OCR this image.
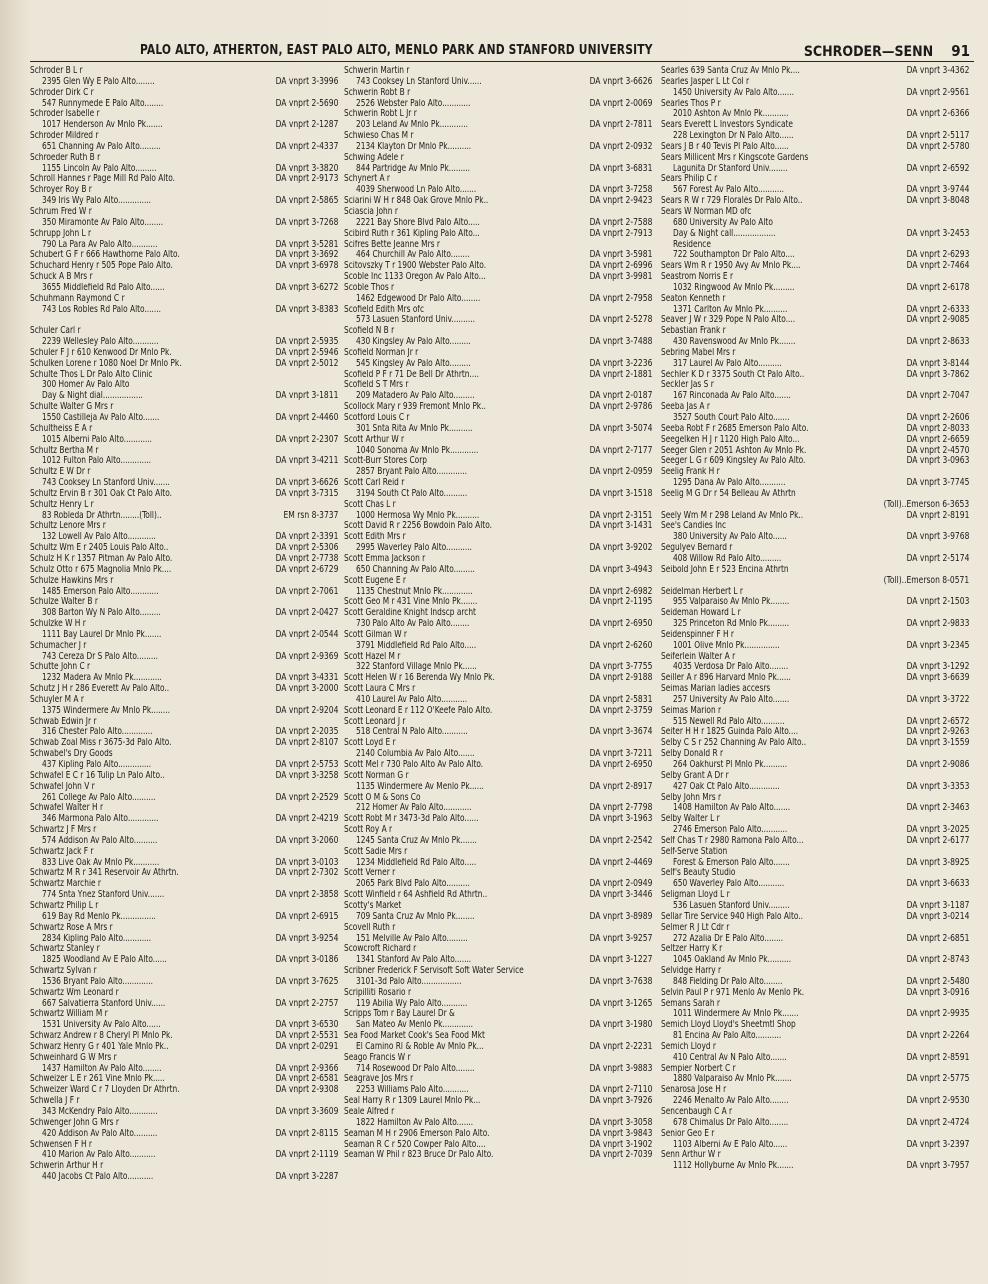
PALO ALTO, ATHERTON, EAST PALO ALTO, MENLO PARK AND STANFORD UNIVERSITY	SCHRODER—SENN 91
Schroder B L r
2395 Glen Wy E Palo Alto........	DA vnprt 3-3996
Schroder Dirk C r
547 Runnymede E Palo Alto........	DA vnprt 2-5690
Schroder Isabelle r
1017 Henderson Av Mnlo Pk.......	DA vnprt 2-1287
Schroder Mildred r
651 Channing Av Palo Alto.........	DA vnprt 2-4337
Schroeder Ruth B r
1155 Lincoln Av Palo Alto.........	DA vnprt 3-3820
Schroll Hannes r Page Mill Rd Palo Alto.	DA vnprt 2-9173
Schroyer Roy B r
349 Iris Wy Palo Alto..............	DA vnprt 2-5865
Schrum Fred W r
350 Miramonte Av Palo Alto........	DA vnprt 3-7268
Schrupp John L r
790 La Para Av Palo Alto...........	DA vnprt 3-5281
Schubert G F r 666 Hawthorne Palo Alto.	DA vnprt 3-3692
Schuchard Henry r 505 Pope Palo Alto.	DA vnprt 3-6978
Schuck A B Mrs r
3655 Middlefield Rd Palo Alto......	DA vnprt 3-6272
Schuhmann Raymond C r
743 Los Robles Rd Palo Alto.......	DA vnprt 3-8383
Schuler Carl r
2239 Wellesley Palo Alto...........	DA vnprt 2-5935
Schuler F J r 610 Kenwood Dr Mnlo Pk.	DA vnprt 2-5946
Schulken Lorene r 1080 Noel Dr Mnlo Pk.	DA vnprt 2-5012
Schulte Thos L Dr Palo Alto Clinic
300 Homer Av Palo Alto
Day & Night dial.................	DA vnprt 3-1811
Schulte Walter G Mrs r
1550 Castilleja Av Palo Alto.......	DA vnprt 2-4460
Schultheiss E A r
1015 Alberni Palo Alto............	DA vnprt 2-2307
Schultz Bertha M r
1012 Fulton Palo Alto.............	DA vnprt 3-4211
Schultz E W Dr r
743 Cooksey Ln Stanford Univ.......	DA vnprt 3-6626
Schultz Ervin B r 301 Oak Ct Palo Alto.	DA vnprt 3-7315
Schultz Henry L r
83 Robleda Dr Athrtn........(Toll)..	EM rsn 8-3737
Schultz Lenore Mrs r
132 Lowell Av Palo Alto............	DA vnprt 2-3391
Schultz Wm E r 2405 Louis Palo Alto..	DA vnprt 2-5306
Schulz H K r 1357 Pitman Av Palo Alto.	DA vnprt 2-7738
Schulz Otto r 675 Magnolia Mnlo Pk....	DA vnprt 2-6729
Schulze Hawkins Mrs r
1485 Emerson Palo Alto............	DA vnprt 2-7061
Schulze Walter B r
308 Barton Wy N Palo Alto.........	DA vnprt 2-0427
Schulzke W H r
1111 Bay Laurel Dr Mnlo Pk.......	DA vnprt 2-0544
Schumacher J r
743 Cereza Dr S Palo Alto.........	DA vnprt 2-9369
Schutte John C r
1232 Madera Av Mnlo Pk............	DA vnprt 3-4331
Schutz J H r 286 Everett Av Palo Alto..	DA vnprt 3-2000
Schuyler M A r
1375 Windermere Av Mnlo Pk........	DA vnprt 2-9204
Schwab Edwin Jr r
316 Chester Palo Alto.............	DA vnprt 2-2035
Schwab Zoal Miss r 3675-3d Palo Alto.	DA vnprt 2-8107
Schwabel's Dry Goods
437 Kipling Palo Alto..............	DA vnprt 2-5753
Schwafel E C r 16 Tulip Ln Palo Alto..	DA vnprt 3-3258
Schwafel John V r
261 College Av Palo Alto..........	DA vnprt 2-2529
Schwafel Walter H r
346 Marmona Palo Alto.............	DA vnprt 2-4219
Schwartz J F Mrs r
574 Addison Av Palo Alto..........	DA vnprt 3-2060
Schwartz Jack F r
833 Live Oak Av Mnlo Pk...........	DA vnprt 3-0103
Schwartz M R r 341 Reservoir Av Athrtn.	DA vnprt 2-7302
Schwartz Marchie r
774 Snta Ynez Stanford Univ.......	DA vnprt 2-3858
Schwartz Philip L r
619 Bay Rd Menlo Pk...............	DA vnprt 2-6915
Schwartz Rose A Mrs r
2834 Kipling Palo Alto............	DA vnprt 3-9254
Schwartz Stanley r
1825 Woodland Av E Palo Alto......	DA vnprt 3-0186
Schwartz Sylvan r
1536 Bryant Palo Alto.............	DA vnprt 3-7625
Schwartz Wm Leonard r
667 Salvatierra Stanford Univ......	DA vnprt 2-2757
Schwartz William M r
1531 University Av Palo Alto......	DA vnprt 3-6530
Schwarz Andrew r 8 Cheryl Pl Mnlo Pk.	DA vnprt 2-5531
Schwarz Henry G r 401 Yale Mnlo Pk..	DA vnprt 2-0291
Schweinhard G W Mrs r
1437 Hamilton Av Palo Alto........	DA vnprt 2-9366
Schweizer L E r 261 Vine Mnlo Pk.....	DA vnprt 2-6581
Schweizer Ward C r 7 Lloyden Dr Athrtn.	DA vnprt 2-9308
Schwella J F r
343 McKendry Palo Alto............	DA vnprt 3-3609
Schwenger John G Mrs r
420 Addison Av Palo Alto..........	DA vnprt 2-8115
Schwensen F H r
410 Marion Av Palo Alto...........	DA vnprt 2-1119
Schwerin Arthur H r
440 Jacobs Ct Palo Alto...........	DA vnprt 3-2287
Schwerin Martin r
743 Cooksey Ln Stanford Univ......	DA vnprt 3-6626
Schwerin Robt B r
2526 Webster Palo Alto............	DA vnprt 2-0069
Schwerin Robt L Jr r
203 Leland Av Mnlo Pk............	DA vnprt 2-7811
Schwieso Chas M r
2134 Klayton Dr Mnlo Pk..........	DA vnprt 2-0932
Schwing Adele r
844 Partridge Av Mnlo Pk.........	DA vnprt 3-6831
Schynert A r
4039 Sherwood Ln Palo Alto.......	DA vnprt 3-7258
Sciarini W H r 848 Oak Grove Mnlo Pk..	DA vnprt 2-9423
Sciascia John r
2221 Bay Shore Blvd Palo Alto.....	DA vnprt 2-7588
Scibird Ruth r 361 Kipling Palo Alto...	DA vnprt 2-7913
Scifres Bette Jeanne Mrs r
464 Churchill Av Palo Alto........	DA vnprt 3-5981
Scitovszky T r 1900 Webster Palo Alto.	DA vnprt 2-6996
Scoble Inc 1133 Oregon Av Palo Alto...	DA vnprt 3-9981
Scoble Thos r
1462 Edgewood Dr Palo Alto........	DA vnprt 2-7958
Scofield Edith Mrs ofc
573 Lasuen Stanford Univ..........	DA vnprt 2-5278
Scofield N B r
430 Kingsley Av Palo Alto.........	DA vnprt 3-7488
Scofield Norman Jr r
545 Kingsley Av Palo Alto.........	DA vnprt 3-2236
Scofield P F r 71 De Bell Dr Athrtn....	DA vnprt 2-1881
Scofield S T Mrs r
209 Matadero Av Palo Alto.........	DA vnprt 2-0187
Scollock Mary r 939 Fremont Mnlo Pk..	DA vnprt 2-9786
Scotford Louis C r
301 Snta Rita Av Mnlo Pk..........	DA vnprt 3-5074
Scott Arthur W r
1040 Sonoma Av Mnlo Pk............	DA vnprt 2-7177
Scott-Burr Stores Corp
2857 Bryant Palo Alto.............	DA vnprt 2-0959
Scott Carl Reid r
3194 South Ct Palo Alto..........	DA vnprt 3-1518
Scott Chas L r
1000 Hermosa Wy Mnlo Pk..........	DA vnprt 2-3151
Scott David R r 2256 Bowdoin Palo Alto.	DA vnprt 3-1431
Scott Edith Mrs r
2995 Waverley Palo Alto...........	DA vnprt 3-9202
Scott Emma Jackson r
650 Channing Av Palo Alto.........	DA vnprt 3-4943
Scott Eugene E r
1135 Chestnut Mnlo Pk.............	DA vnprt 2-6982
Scott Geo M r 431 Vine Mnlo Pk.......	DA vnprt 2-1195
Scott Geraldine Knight Indscp archt
730 Palo Alto Av Palo Alto........	DA vnprt 2-6950
Scott Gilman W r
3791 Middlefield Rd Palo Alto.....	DA vnprt 2-6260
Scott Hazel M r
322 Stanford Village Mnlo Pk......	DA vnprt 3-7755
Scott Helen W r 16 Berenda Wy Mnlo Pk.	DA vnprt 2-9188
Scott Laura C Mrs r
410 Laurel Av Palo Alto...........	DA vnprt 2-5831
Scott Leonard E r 112 O'Keefe Palo Alto.	DA vnprt 2-3759
Scott Leonard J r
518 Central N Palo Alto...........	DA vnprt 3-3674
Scott Loyd E r
2140 Columbia Av Palo Alto.......	DA vnprt 3-7211
Scott Mel r 730 Palo Alto Av Palo Alto.	DA vnprt 2-6950
Scott Norman G r
1135 Windermere Av Menlo Pk......	DA vnprt 2-8917
Scott O M & Sons Co
212 Homer Av Palo Alto............	DA vnprt 2-7798
Scott Robt M r 3473-3d Palo Alto......	DA vnprt 3-1963
Scott Roy A r
1245 Santa Cruz Av Mnlo Pk.......	DA vnprt 2-2542
Scott Sadie Mrs r
1234 Middlefield Rd Palo Alto.....	DA vnprt 2-4469
Scott Verner r
2065 Park Blvd Palo Alto..........	DA vnprt 2-0949
Scott Winfield r 64 Ashfield Rd Athrtn..	DA vnprt 3-3446
Scotty's Market
709 Santa Cruz Av Mnlo Pk........	DA vnprt 3-8989
Scovell Ruth r
151 Melville Av Palo Alto.........	DA vnprt 3-9257
Scowcroft Richard r
1341 Stanford Av Palo Alto.......	DA vnprt 3-1227
Scribner Frederick F Servisoft Soft Water Service
3101-3d Palo Alto.................	DA vnprt 3-7638
Scripilliti Rosario r
119 Abilia Wy Palo Alto...........	DA vnprt 3-1265
Scripps Tom r Bay Laurel Dr &
San Mateo Av Menlo Pk.............	DA vnprt 3-1980
Sea Food Market Cook's Sea Food Mkt
El Camino Rl & Roble Av Mnlo Pk...	DA vnprt 2-2231
Seago Francis W r
714 Rosewood Dr Palo Alto........	DA vnprt 3-9883
Seagrave Jos Mrs r
2253 Williams Palo Alto...........	DA vnprt 2-7110
Seal Harry R r 1309 Laurel Mnlo Pk...	DA vnprt 3-7926
Seale Alfred r
1822 Hamilton Av Palo Alto.......	DA vnprt 3-3058
Seaman M H r 2906 Emerson Palo Alto.	DA vnprt 3-9843
Seaman R C r 520 Cowper Palo Alto....	DA vnprt 3-1902
Seaman W Phil r 823 Bruce Dr Palo Alto.	DA vnprt 2-7039
Searles 639 Santa Cruz Av Mnlo Pk....	DA vnprt 3-4362
Searles Jasper L Lt Col r
1450 University Av Palo Alto.......	DA vnprt 2-9561
Searles Thos P r
2010 Ashton Av Mnlo Pk...........	DA vnprt 2-6366
Sears Everett L Investors Syndicate
228 Lexington Dr N Palo Alto......	DA vnprt 2-5117
Sears J B r 40 Tevis Pl Palo Alto......	DA vnprt 2-5780
Sears Millicent Mrs r Kingscote Gardens
Lagunita Dr Stanford Univ........	DA vnprt 2-6592
Sears Philip C r
567 Forest Av Palo Alto...........	DA vnprt 3-9744
Sears R W r 729 Floralès Dr Palo Alto..	DA vnprt 3-8048
Sears W Norman MD ofc
680 University Av Palo Alto
Day & Night call..................	DA vnprt 3-2453
Residence
722 Southampton Dr Palo Alto....	DA vnprt 2-6293
Sears Wm R r 1950 Avy Av Mnlo Pk....	DA vnprt 2-7464
Seastrom Norris E r
1032 Ringwood Av Mnlo Pk.........	DA vnprt 2-6178
Seaton Kenneth r
1371 Carlton Av Mnlo Pk..........	DA vnprt 2-6333
Seaver J W r 329 Pope N Palo Alto....	DA vnprt 2-9085
Sebastian Frank r
430 Ravenswood Av Mnlo Pk.......	DA vnprt 2-8633
Sebring Mabel Mrs r
317 Laurel Av Palo Alto..........	DA vnprt 3-8144
Sechler K D r 3375 South Ct Palo Alto..	DA vnprt 3-7862
Seckler Jas S r
167 Rinconada Av Palo Alto.......	DA vnprt 2-7047
Seeba Jas A r
3527 South Court Palo Alto.......	DA vnprt 2-2606
Seeba Robt F r 2685 Emerson Palo Alto.	DA vnprt 2-8033
Seegelken H J r 1120 High Palo Alto...	DA vnprt 2-6659
Seeger Glen r 2051 Ashton Av Mnlo Pk.	DA vnprt 2-4570
Seeger L G r 609 Kingsley Av Palo Alto.	DA vnprt 3-0963
Seelig Frank H r
1295 Dana Av Palo Alto...........	DA vnprt 3-7745
Seelig M G Dr r 54 Belleau Av Athrtn
(Toll)..Emerson 6-3653
Seely Wm M r 298 Leland Av Mnlo Pk..	DA vnprt 2-8191
See's Candies Inc
380 University Av Palo Alto......	DA vnprt 3-9768
Segulyev Bernard r
408 Willow Rd Palo Alto.........	DA vnprt 2-5174
Seibold John E r 523 Encina Athrtn
(Toll)..Emerson 8-0571
Seidelman Herbert L r
955 Valparaiso Av Mnlo Pk........	DA vnprt 2-1503
Seideman Howard L r
325 Princeton Rd Mnlo Pk.........	DA vnprt 2-9833
Seidenspinner F H r
1001 Olive Mnlo Pk...............	DA vnprt 3-2345
Seiferlein Walter A r
4035 Verdosa Dr Palo Alto........	DA vnprt 3-1292
Seiller A r 896 Harvard Mnlo Pk......	DA vnprt 3-6639
Seimas Marian ladies accesrs
257 University Av Palo Alto.......	DA vnprt 3-3722
Seimas Marion r
515 Newell Rd Palo Alto..........	DA vnprt 2-6572
Seiter H H r 1825 Guinda Palo Alto....	DA vnprt 2-9263
Selby C S r 252 Channing Av Palo Alto..	DA vnprt 3-1559
Selby Donald R r
264 Oakhurst Pl Mnlo Pk..........	DA vnprt 2-9086
Selby Grant A Dr r
427 Oak Ct Palo Alto.............	DA vnprt 3-3353
Selby John Mrs r
1408 Hamilton Av Palo Alto.......	DA vnprt 2-3463
Selby Walter L r
2746 Emerson Palo Alto...........	DA vnprt 3-2025
Self Chas T r 2980 Ramona Palo Alto...	DA vnprt 2-6177
Self-Serve Station
Forest & Emerson Palo Alto.......	DA vnprt 3-8925
Self's Beauty Studio
650 Waverley Palo Alto...........	DA vnprt 3-6633
Seligman Lloyd L r
536 Lasuen Stanford Univ.........	DA vnprt 3-1187
Sellar Tire Service 940 High Palo Alto..	DA vnprt 3-0214
Selmer R J Lt Cdr r
272 Azalia Dr E Palo Alto........	DA vnprt 2-6851
Seltzer Harry K r
1045 Oakland Av Mnlo Pk..........	DA vnprt 2-8743
Selvidge Harry r
848 Fielding Dr Palo Alto........	DA vnprt 2-5480
Selvin Paul P r 971 Menlo Av Menlo Pk.	DA vnprt 3-0916
Semans Sarah r
1011 Windermere Av Mnlo Pk.......	DA vnprt 2-9935
Semich Lloyd Lloyd's Sheetmtl Shop
81 Encina Av Palo Alto...........	DA vnprt 2-2264
Semich Lloyd r
410 Central Av N Palo Alto.......	DA vnprt 2-8591
Sempier Norbert C r
1880 Valparaiso Av Mnlo Pk.......	DA vnprt 2-5775
Senarosa Jose H r
2246 Menalto Av Palo Alto........	DA vnprt 2-9530
Sencenbaugh C A r
678 Chimalus Dr Palo Alto........	DA vnprt 2-4724
Senior Geo E r
1103 Alberni Av E Palo Alto......	DA vnprt 3-2397
Senn Arthur W r
1112 Hollyburne Av Mnlo Pk.......	DA vnprt 3-7957
